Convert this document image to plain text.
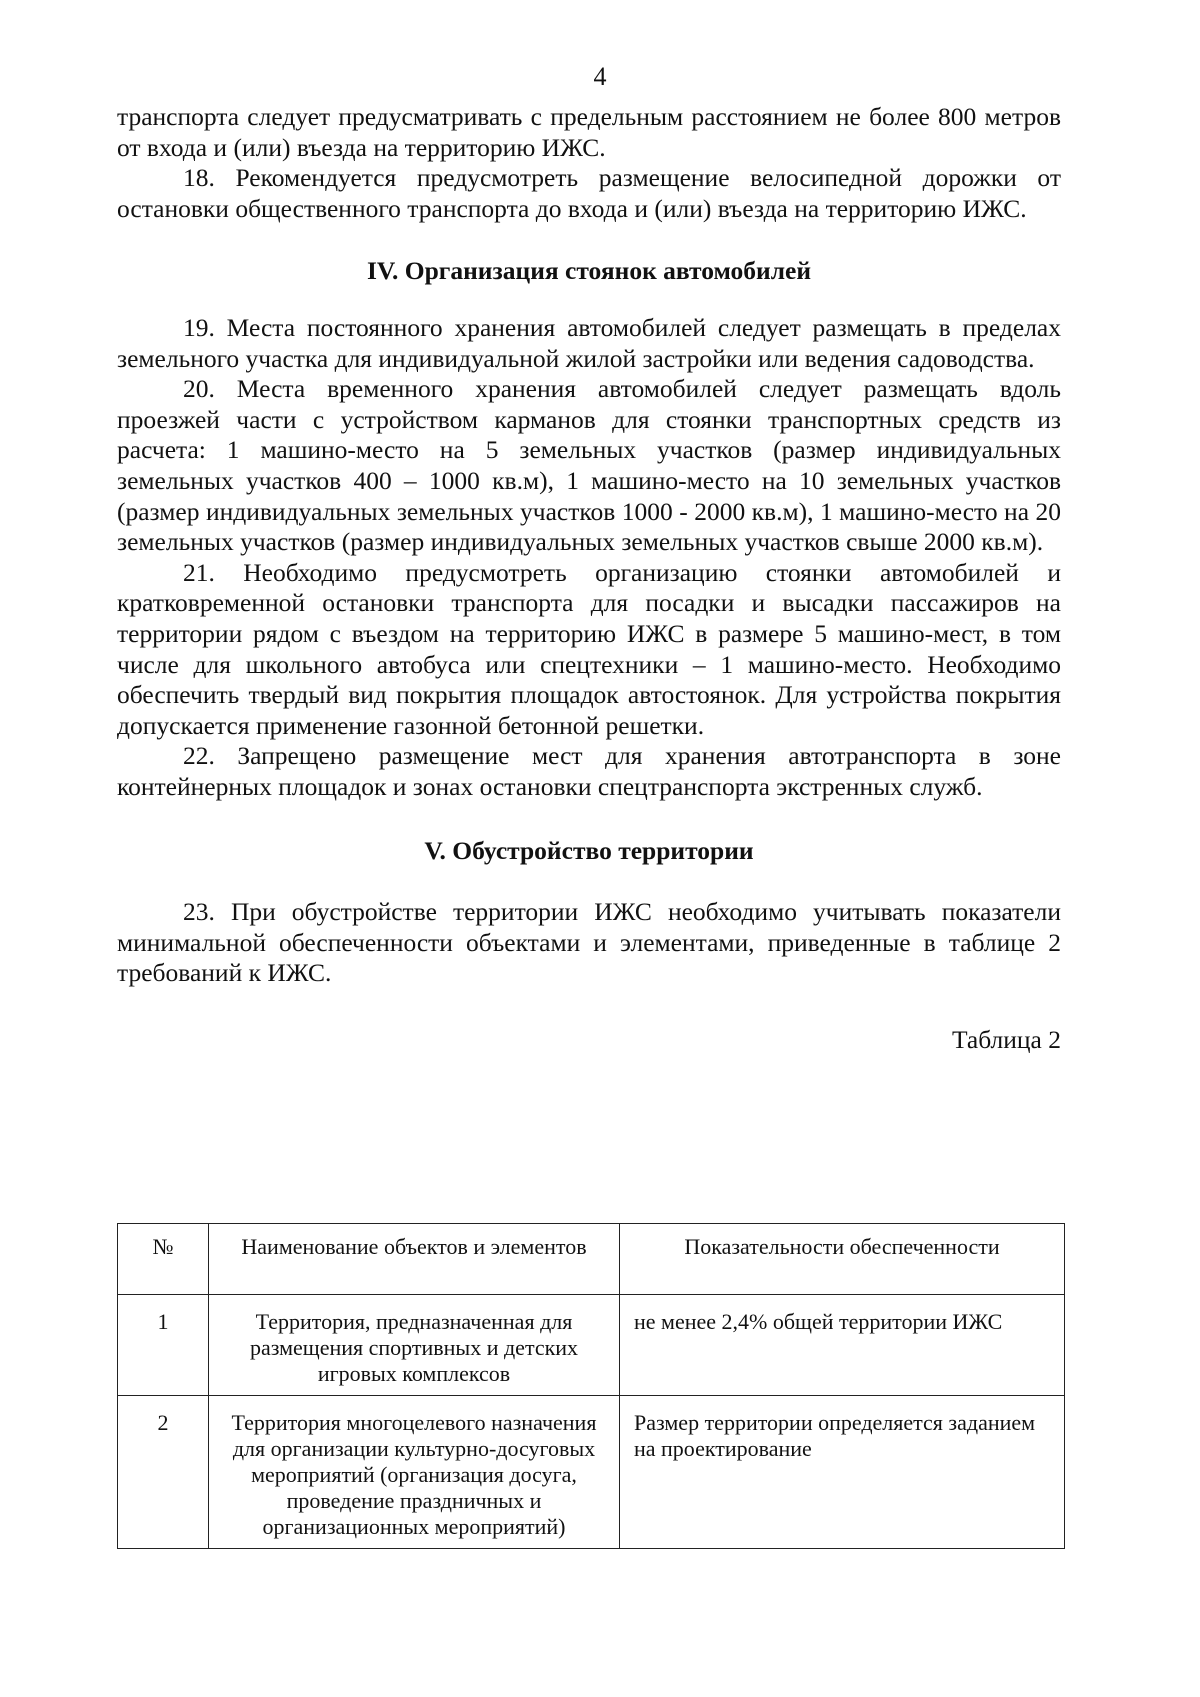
4

транспорта следует предусматривать с предельным расстоянием не более 800 метров от входа и (или) въезда на территорию ИЖС.

18. Рекомендуется предусмотреть размещение велосипедной дорожки от остановки общественного транспорта до входа и (или) въезда на территорию ИЖС.

IV. Организация стоянок автомобилей

19. Места постоянного хранения автомобилей следует размещать в пределах земельного участка для индивидуальной жилой застройки или ведения садоводства.

20. Места временного хранения автомобилей следует размещать вдоль проезжей части с устройством карманов для стоянки транспортных средств из расчета: 1 машино-место на 5 земельных участков (размер индивидуальных земельных участков 400 – 1000 кв.м), 1 машино-место на 10 земельных участков (размер индивидуальных земельных участков 1000 - 2000 кв.м), 1 машино-место на 20 земельных участков (размер индивидуальных земельных участков свыше 2000 кв.м).

21. Необходимо предусмотреть организацию стоянки автомобилей и кратковременной остановки транспорта для посадки и высадки пассажиров на территории рядом с въездом на территорию ИЖС в размере 5 машино-мест, в том числе для школьного автобуса или спецтехники – 1 машино-место. Необходимо обеспечить твердый вид покрытия площадок автостоянок. Для устройства покрытия допускается применение газонной бетонной решетки.

22. Запрещено размещение мест для хранения автотранспорта в зоне контейнерных площадок и зонах остановки спецтранспорта экстренных служб.

V. Обустройство территории

23. При обустройстве территории ИЖС необходимо учитывать показатели минимальной обеспеченности объектами и элементами, приведенные в таблице 2 требований к ИЖС.

Таблица 2

№	Наименование объектов и элементов	Показательности обеспеченности
1	Территория, предназначенная для размещения спортивных и детских игровых комплексов	не менее 2,4% общей территории ИЖС
2	Территория многоцелевого назначения для организации культурно-досуговых мероприятий (организация досуга, проведение праздничных и организационных мероприятий)	Размер территории определяется заданием на проектирование
